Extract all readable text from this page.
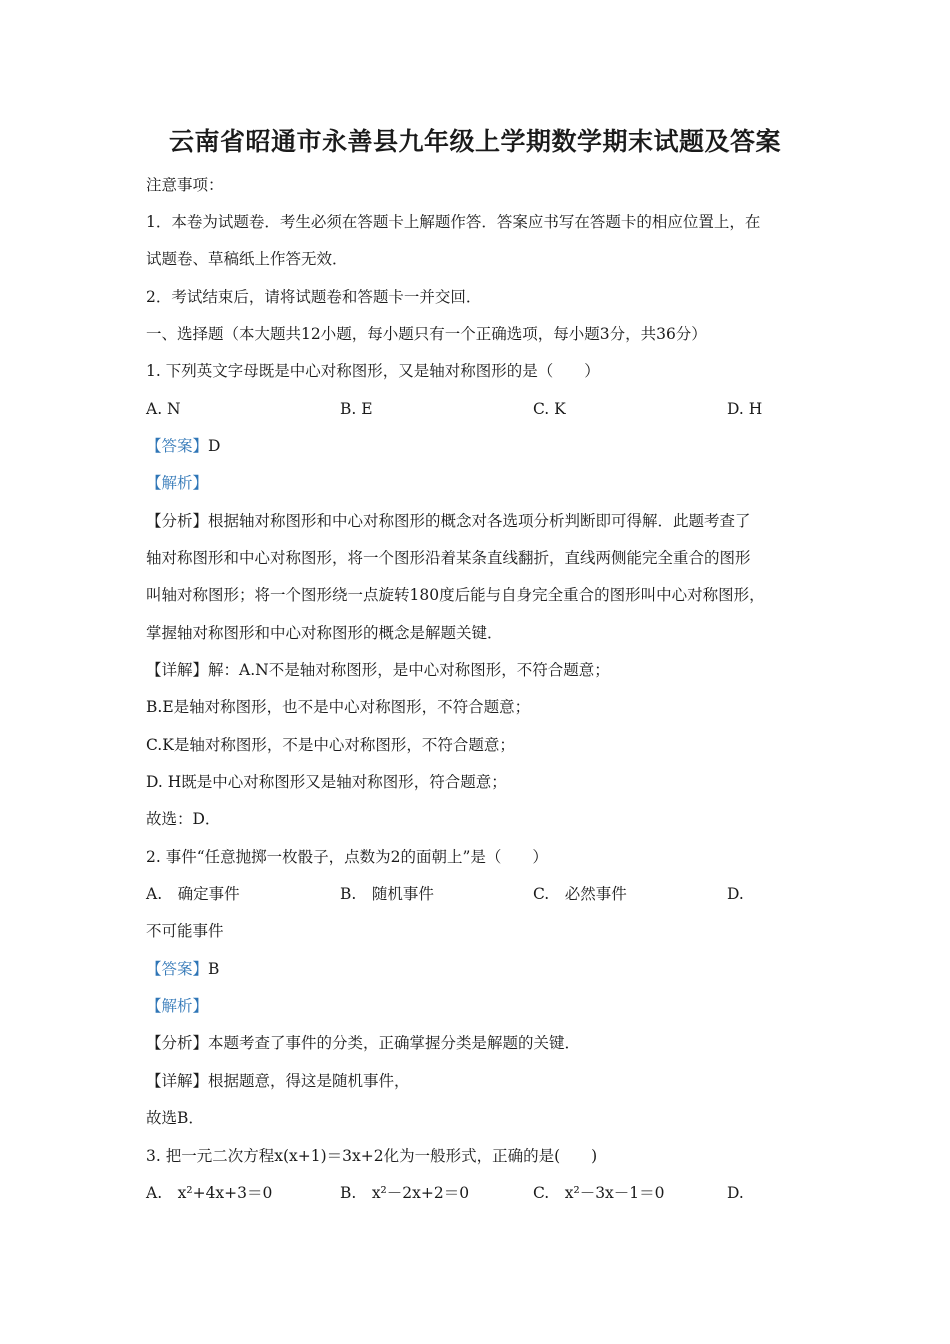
云南省昭通市永善县九年级上学期数学期末试题及答案
注意事项：
1．本卷为试题卷．考生必须在答题卡上解题作答．答案应书写在答题卡的相应位置上，在
试题卷、草稿纸上作答无效．
2．考试结束后，请将试题卷和答题卡一并交回．
一、选择题（本大题共12小题，每小题只有一个正确选项，每小题3分，共36分）
1. 下列英文字母既是中心对称图形，又是轴对称图形的是（　　）
A. N	B. E	C. K	D. H
【答案】D
【解析】
【分析】根据轴对称图形和中心对称图形的概念对各选项分析判断即可得解．此题考查了
轴对称图形和中心对称图形，将一个图形沿着某条直线翻折，直线两侧能完全重合的图形
叫轴对称图形；将一个图形绕一点旋转180度后能与自身完全重合的图形叫中心对称图形，
掌握轴对称图形和中心对称图形的概念是解题关键．
【详解】解：A.N不是轴对称图形，是中心对称图形，不符合题意；
B.E是轴对称图形，也不是中心对称图形，不符合题意；
C.K是轴对称图形，不是中心对称图形，不符合题意；
D. H既是中心对称图形又是轴对称图形，符合题意；
故选：D．
2. 事件“任意抛掷一枚骰子，点数为2的面朝上”是（　　）
A.　确定事件	B.　随机事件	C.　必然事件	D.
不可能事件
【答案】B
【解析】
【分析】本题考查了事件的分类，正确掌握分类是解题的关键．
【详解】根据题意，得这是随机事件，
故选B．
3. 把一元二次方程x(x+1)＝3x+2化为一般形式，正确的是(　　)
A.　x²+4x+3＝0	B.　x²－2x+2＝0	C.　x²－3x－1＝0	D.
